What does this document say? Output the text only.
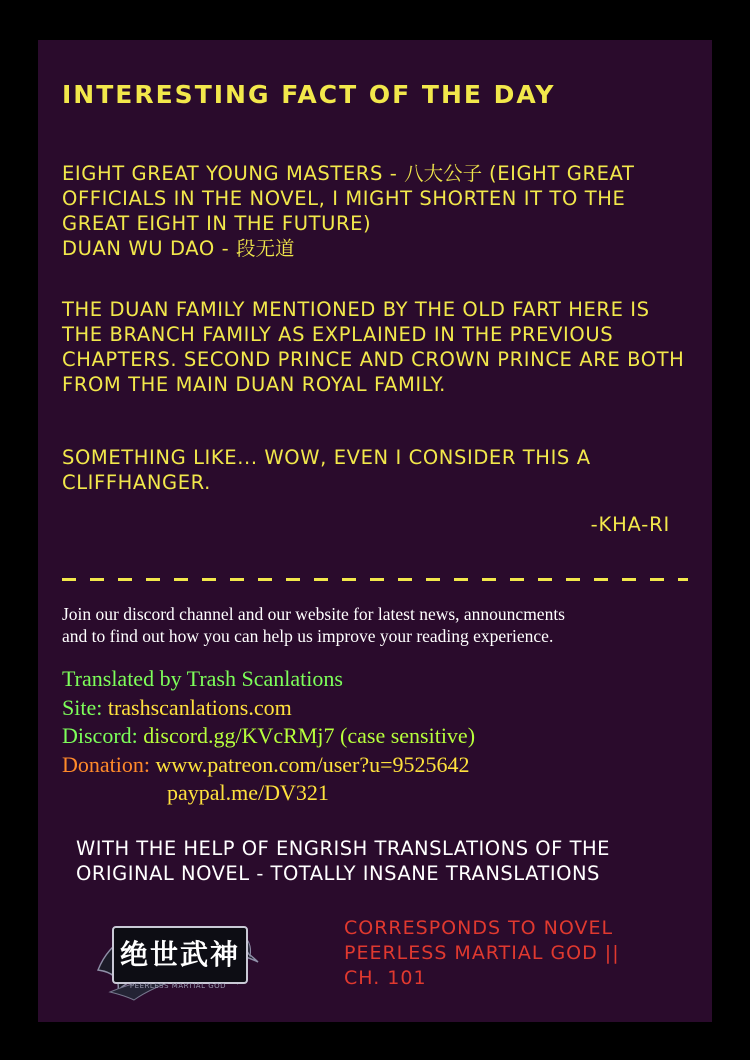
INTERESTING FACT OF THE DAY
EIGHT GREAT YOUNG MASTERS - 八大公子 (EIGHT GREAT
OFFICIALS IN THE NOVEL, I MIGHT SHORTEN IT TO THE
GREAT EIGHT IN THE FUTURE)
DUAN WU DAO - 段无道
THE DUAN FAMILY MENTIONED BY THE OLD FART HERE IS
THE BRANCH FAMILY AS EXPLAINED IN THE PREVIOUS
CHAPTERS. SECOND PRINCE AND CROWN PRINCE ARE BOTH
FROM THE MAIN DUAN ROYAL FAMILY.
SOMETHING LIKE... WOW, EVEN I CONSIDER THIS A
CLIFFHANGER.
-KHA-RI
Join our discord channel and our website for latest news, announcments
and to find out how you can help us improve your reading experience.
Translated by Trash Scanlations
Site: trashscanlations.com
Discord: discord.gg/KVcRMj7 (case sensitive)
Donation: www.patreon.com/user?u=9525642
paypal.me/DV321
WITH THE HELP OF ENGRISH TRANSLATIONS OF THE
ORIGINAL NOVEL - TOTALLY INSANE TRANSLATIONS
绝世武神
PEERLESS MARTIAL GOD
CORRESPONDS TO NOVEL
PEERLESS MARTIAL GOD ||
CH. 101
